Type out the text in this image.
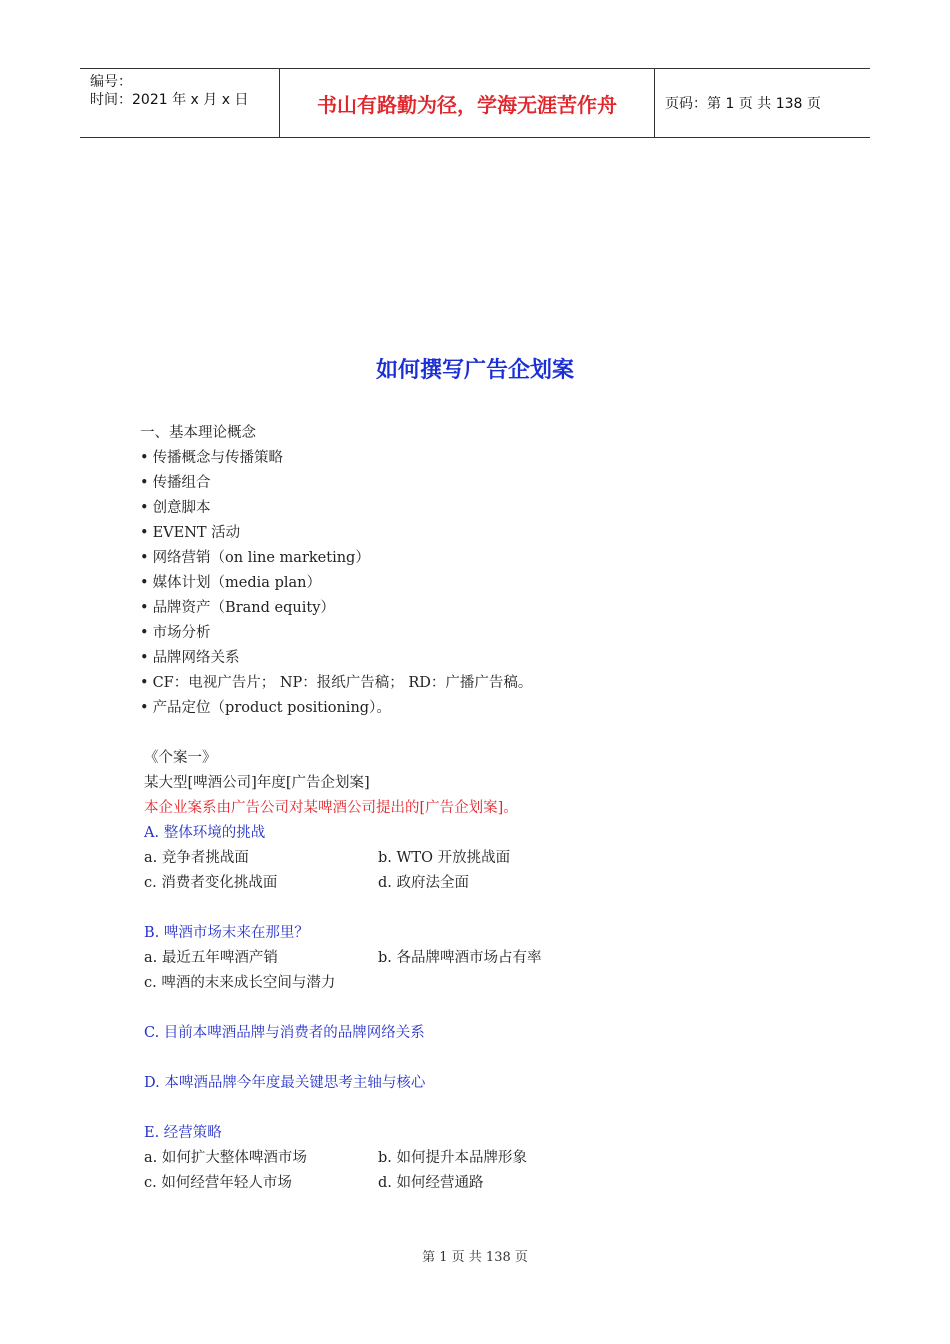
编号：
时间：2021 年 x 月 x 日	书山有路勤为径，学海无涯苦作舟	页码：第 1 页 共 138 页
如何撰写广告企划案
一、基本理论概念
• 传播概念与传播策略
• 传播组合
• 创意脚本
• EVENT 活动
• 网络营销（on line marketing）
• 媒体计划（media plan）
• 品牌资产（Brand equity）
• 市场分析
• 品牌网络关系
• CF：电视广告片； NP：报纸广告稿； RD：广播广告稿。
• 产品定位（product positioning）。
《个案一》
某大型[啤酒公司]年度[广告企划案]
本企业案系由广告公司对某啤酒公司提出的[广告企划案]。
A. 整体环境的挑战
a. 竞争者挑战面	b. WTO 开放挑战面
c. 消费者变化挑战面	d. 政府法全面
B. 啤酒市场末来在那里？
a. 最近五年啤酒产销	b. 各品牌啤酒市场占有率
c. 啤酒的末来成长空间与潜力
C. 目前本啤酒品牌与消费者的品牌网络关系
D. 本啤酒品牌今年度最关键思考主轴与核心
E. 经营策略
a. 如何扩大整体啤酒市场	b. 如何提升本品牌形象
c. 如何经营年轻人市场	d. 如何经营通路
第 1 页 共 138 页
